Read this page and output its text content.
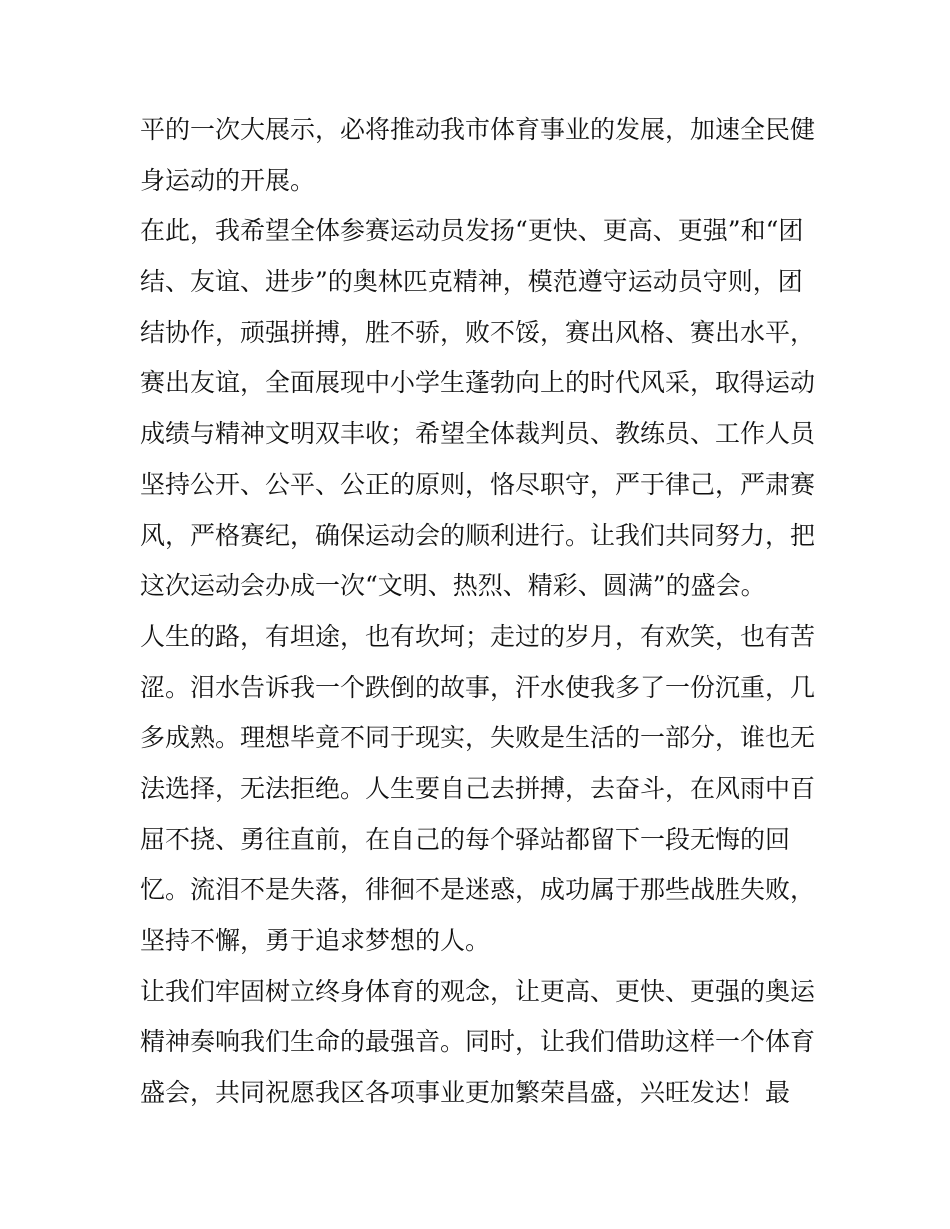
平的一次大展示，必将推动我市体育事业的发展，加速全民健
身运动的开展。
在此，我希望全体参赛运动员发扬“更快、更高、更强”和“团
结、友谊、进步”的奥林匹克精神，模范遵守运动员守则，团
结协作，顽强拼搏，胜不骄，败不馁，赛出风格、赛出水平，
赛出友谊，全面展现中小学生蓬勃向上的时代风采，取得运动
成绩与精神文明双丰收；希望全体裁判员、教练员、工作人员
坚持公开、公平、公正的原则，恪尽职守，严于律己，严肃赛
风，严格赛纪，确保运动会的顺利进行。让我们共同努力，把
这次运动会办成一次“文明、热烈、精彩、圆满”的盛会。
人生的路，有坦途，也有坎坷；走过的岁月，有欢笑，也有苦
涩。泪水告诉我一个跌倒的故事，汗水使我多了一份沉重，几
多成熟。理想毕竟不同于现实，失败是生活的一部分，谁也无
法选择，无法拒绝。人生要自己去拼搏，去奋斗，在风雨中百
屈不挠、勇往直前，在自己的每个驿站都留下一段无悔的回
忆。流泪不是失落，徘徊不是迷惑，成功属于那些战胜失败，
坚持不懈，勇于追求梦想的人。
让我们牢固树立终身体育的观念，让更高、更快、更强的奥运
精神奏响我们生命的最强音。同时，让我们借助这样一个体育
盛会，共同祝愿我区各项事业更加繁荣昌盛，兴旺发达！最
